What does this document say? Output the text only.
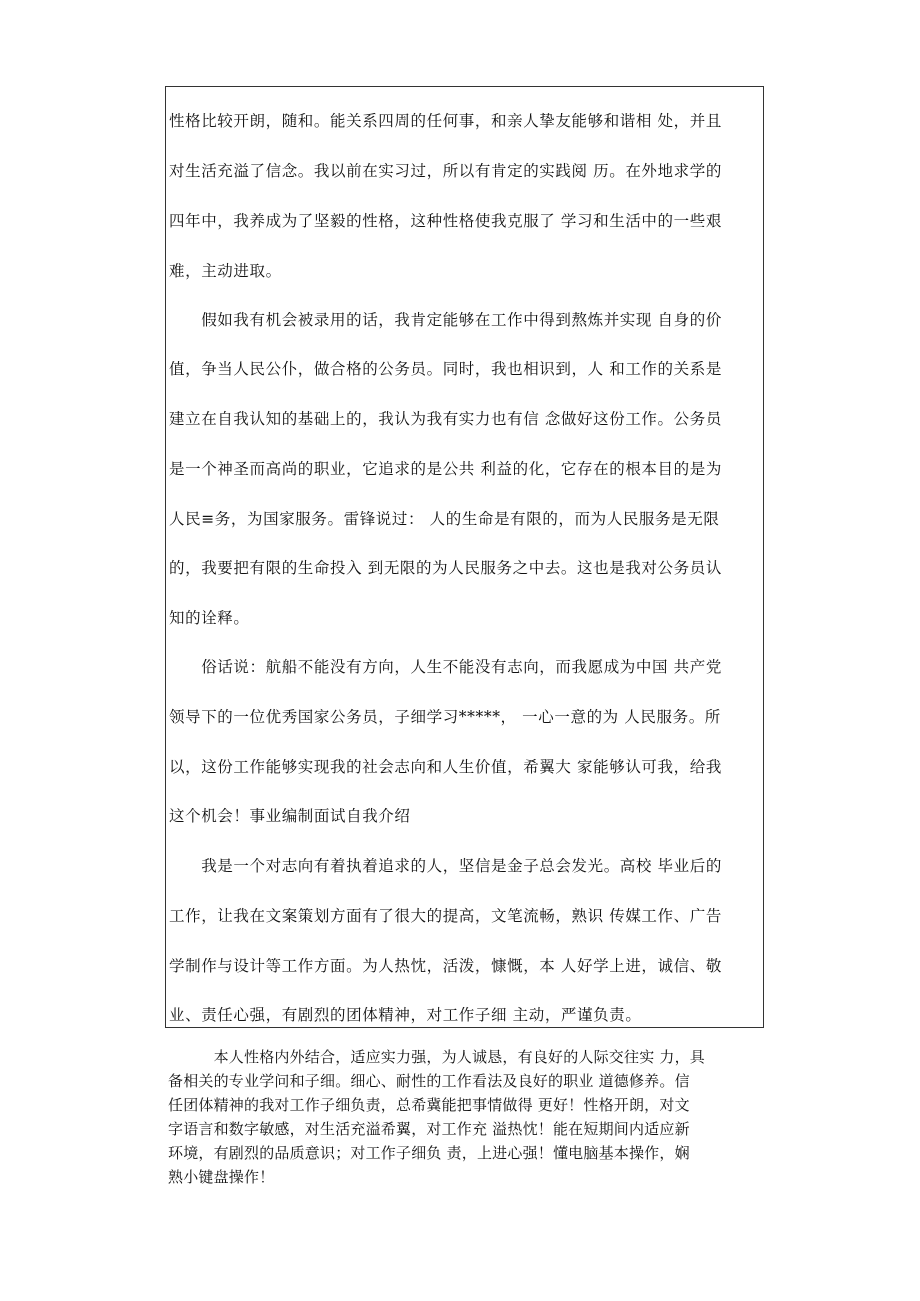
性格比较开朗，随和。能关系四周的任何事，和亲人挚友能够和谐相 处，并且
对生活充溢了信念。我以前在实习过，所以有肯定的实践阅 历。在外地求学的
四年中，我养成为了坚毅的性格，这种性格使我克服了 学习和生活中的一些艰
难，主动进取。
　　假如我有机会被录用的话，我肯定能够在工作中得到熬炼并实现 自身的价
值，争当人民公仆，做合格的公务员。同时，我也相识到，人 和工作的关系是
建立在自我认知的基础上的，我认为我有实力也有信 念做好这份工作。公务员
是一个神圣而高尚的职业，它追求的是公共 利益的化，它存在的根本目的是为
人民≡务，为国家服务。雷锋说过： 人的生命是有限的，而为人民服务是无限
的，我要把有限的生命投入 到无限的为人民服务之中去。这也是我对公务员认
知的诠释。
　　俗话说：航船不能没有方向，人生不能没有志向，而我愿成为中国 共产党
领导下的一位优秀国家公务员，子细学习*****， 一心一意的为 人民服务。所
以，这份工作能够实现我的社会志向和人生价值，希翼大 家能够认可我，给我
这个机会！事业编制面试自我介绍
　　我是一个对志向有着执着追求的人，坚信是金子总会发光。高校 毕业后的
工作，让我在文案策划方面有了很大的提高，文笔流畅，熟识 传媒工作、广告
学制作与设计等工作方面。为人热忱，活泼，慷慨，本 人好学上进，诚信、敬
业、责任心强，有剧烈的团体精神，对工作子细 主动，严谨负责。
　　　本人性格内外结合，适应实力强，为人诚恳，有良好的人际交往实 力，具
备相关的专业学问和子细。细心、耐性的工作看法及良好的职业 道德修养。信
任团体精神的我对工作子细负责，总希冀能把事情做得 更好！性格开朗，对文
字语言和数字敏感，对生活充溢希翼，对工作充 溢热忱！能在短期间内适应新
环境，有剧烈的品质意识；对工作子细负 责，上进心强！懂电脑基本操作，娴
熟小键盘操作！
